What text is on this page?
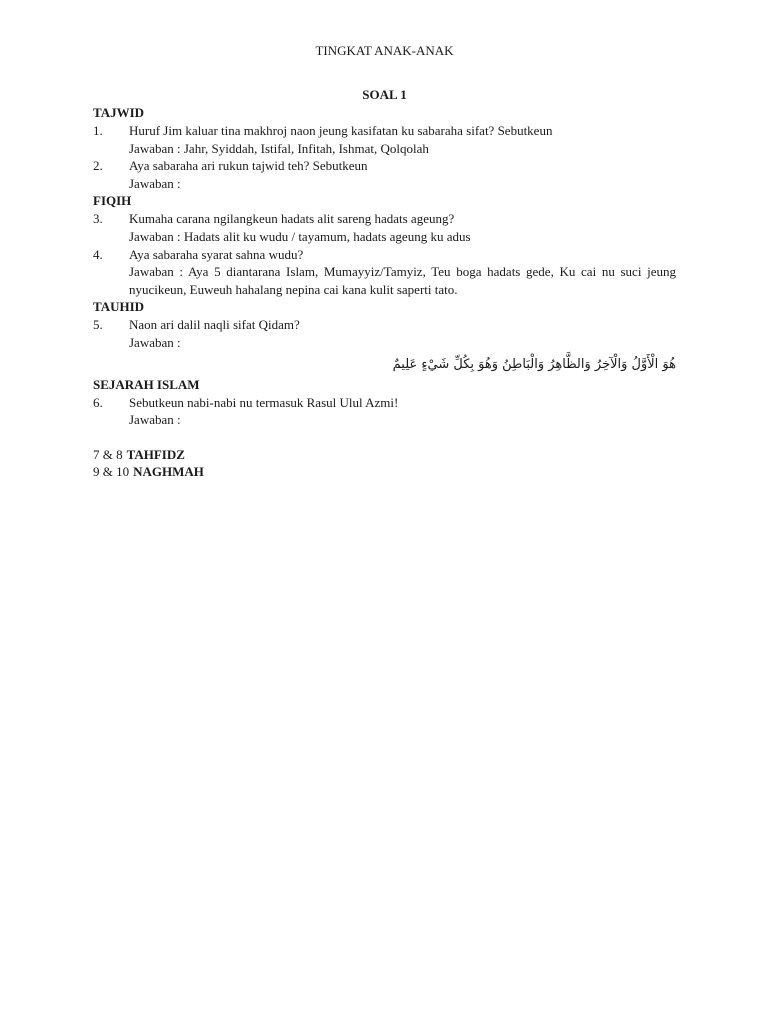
TINGKAT ANAK-ANAK
SOAL 1
TAJWID
1.	Huruf Jim kaluar tina makhroj naon jeung kasifatan ku sabaraha sifat? Sebutkeun
Jawaban : Jahr, Syiddah, Istifal, Infitah, Ishmat, Qolqolah
2.	Aya sabaraha ari rukun tajwid teh? Sebutkeun
Jawaban :
FIQIH
3.	Kumaha carana ngilangkeun hadats alit sareng hadats ageung?
Jawaban : Hadats alit ku wudu / tayamum, hadats ageung ku adus
4.	Aya sabaraha syarat sahna wudu?
Jawaban : Aya 5 diantarana Islam, Mumayyiz/Tamyiz, Teu boga hadats gede, Ku cai nu suci jeung nyucikeun, Euweuh hahalang nepina cai kana kulit saperti tato.
TAUHID
5.	Naon ari dalil naqli sifat Qidam?
Jawaban :
هُوَ الْأَوَّلُ وَالْآخِرُ وَالظَّاهِرُ وَالْبَاطِنُ وَهُوَ بِكُلِّ شَيْءٍ عَلِيمٌ
SEJARAH ISLAM
6.	Sebutkeun nabi-nabi nu termasuk Rasul Ulul Azmi!
Jawaban :
7 & 8 TAHFIDZ
9 & 10 NAGHMAH
